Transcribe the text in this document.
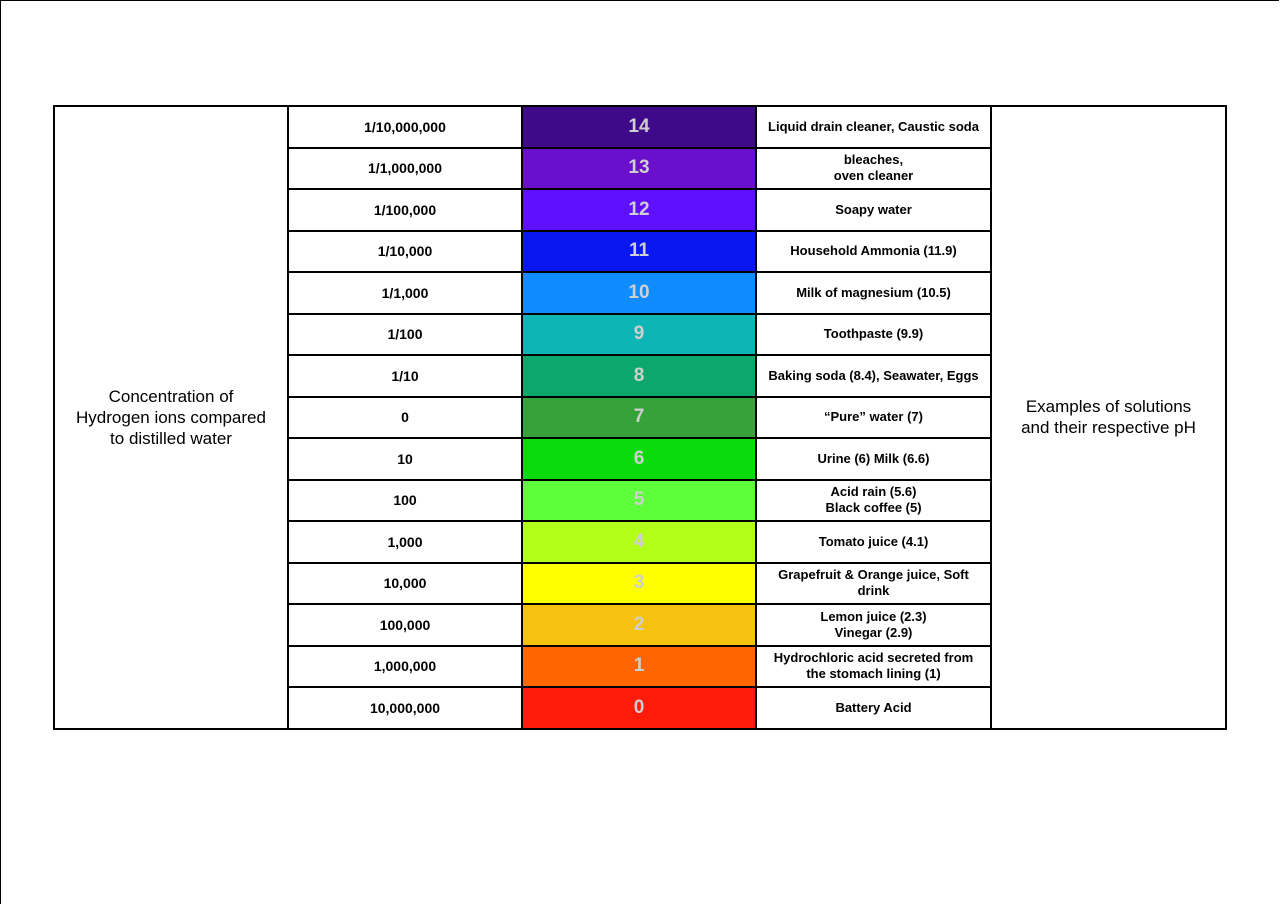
Concentration of Hydrogen ions compared to distilled water	1/10,000,000	14	Liquid drain cleaner, Caustic soda	Examples of solutions and their respective pH
	1/1,000,000	13	bleaches,
oven cleaner	
	1/100,000	12	Soapy water	
	1/10,000	11	Household Ammonia (11.9)	
	1/1,000	10	Milk of magnesium (10.5)	
	1/100	9	Toothpaste (9.9)	
	1/10	8	Baking soda (8.4), Seawater, Eggs	
	0	7	“Pure” water (7)	
	10	6	Urine (6) Milk (6.6)	
	100	5	Acid rain (5.6)
Black coffee (5)	
	1,000	4	Tomato juice (4.1)	
	10,000	3	Grapefruit & Orange juice, Soft drink	
	100,000	2	Lemon juice (2.3)
Vinegar (2.9)	
	1,000,000	1	Hydrochloric acid secreted from the stomach lining (1)	
	10,000,000	0	Battery Acid	
